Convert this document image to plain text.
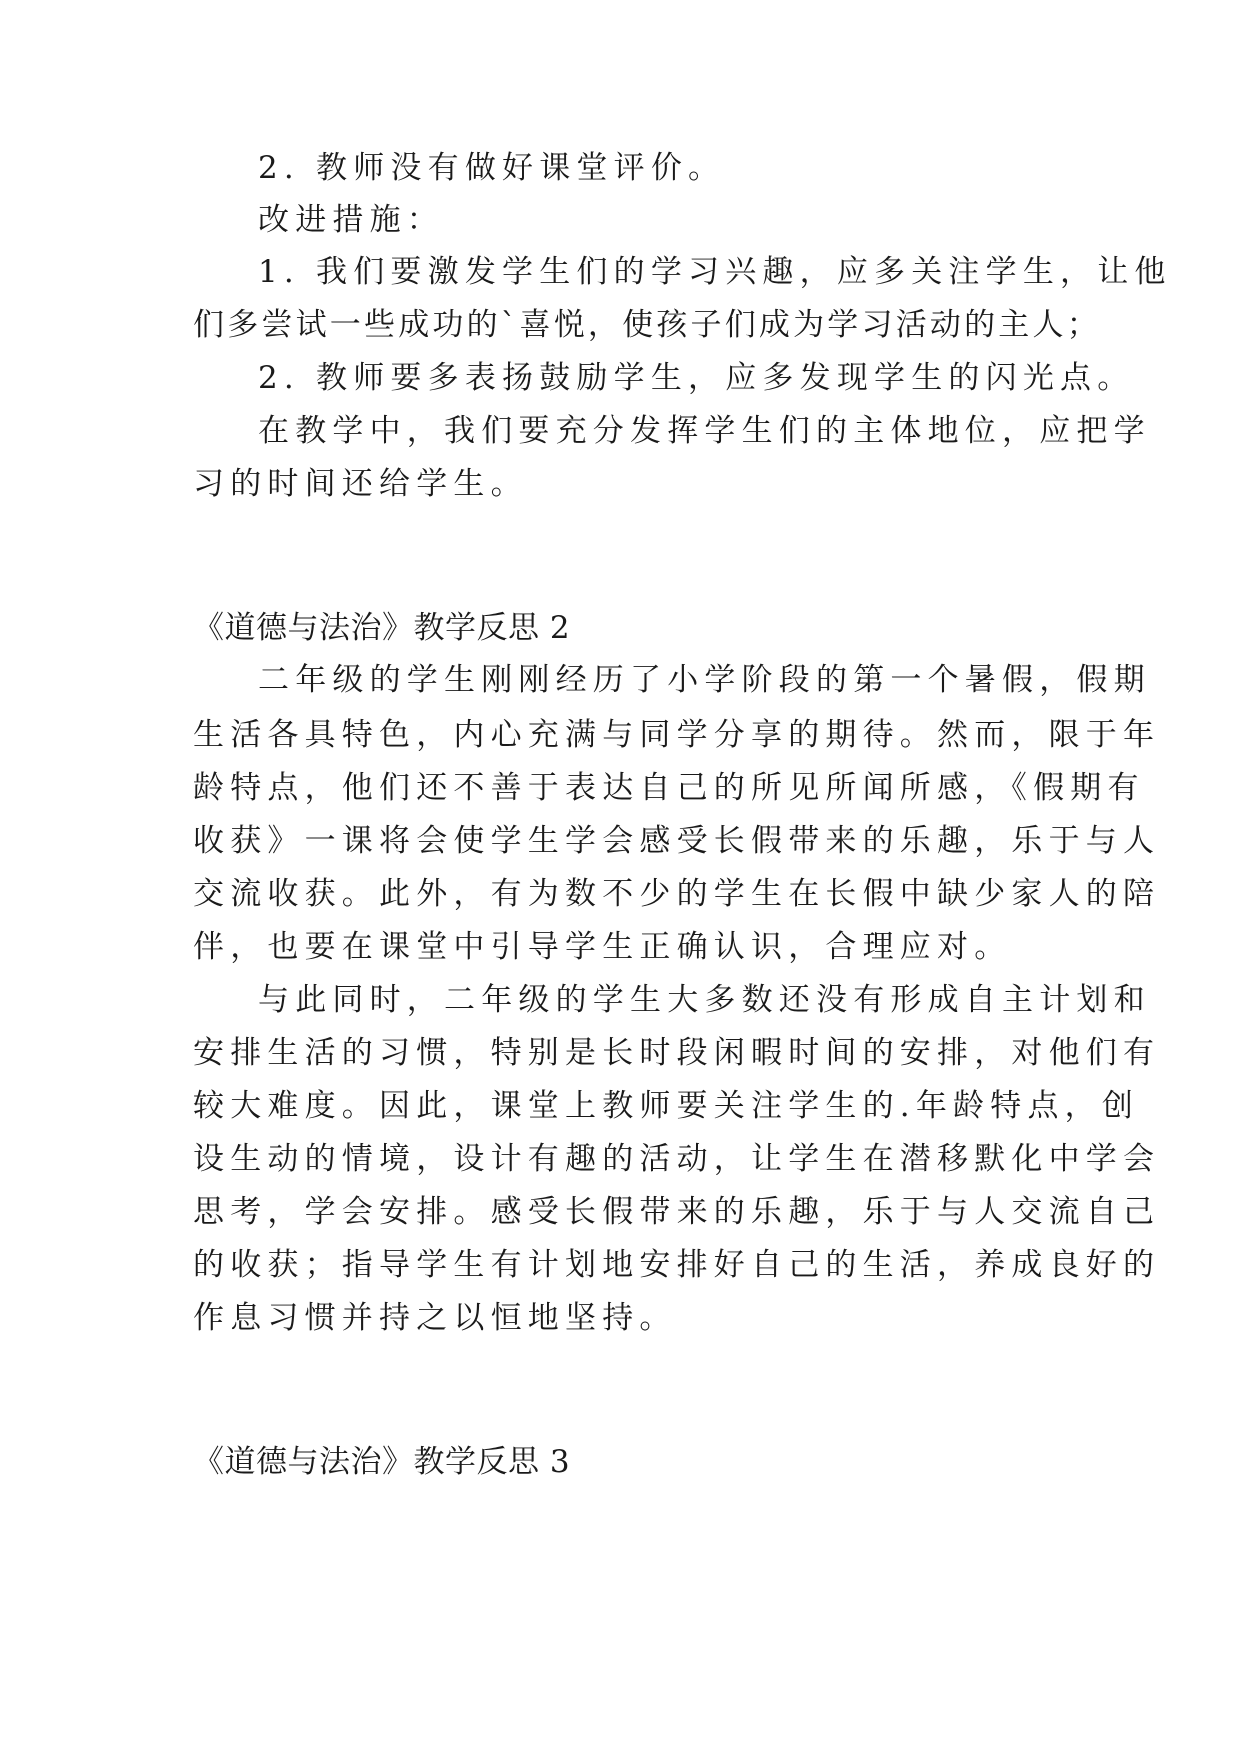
2. 教师没有做好课堂评价。
改进措施：
1. 我们要激发学生们的学习兴趣，应多关注学生，让他
们多尝试一些成功的`喜悦，使孩子们成为学习活动的主人；
2. 教师要多表扬鼓励学生，应多发现学生的闪光点。
在教学中，我们要充分发挥学生们的主体地位，应把学
习的时间还给学生。
《道德与法治》教学反思 2
二年级的学生刚刚经历了小学阶段的第一个暑假，假期
生活各具特色，内心充满与同学分享的期待。然而，限于年
龄特点，他们还不善于表达自己的所见所闻所感，《假期有
收获》一课将会使学生学会感受长假带来的乐趣，乐于与人
交流收获。此外，有为数不少的学生在长假中缺少家人的陪
伴，也要在课堂中引导学生正确认识，合理应对。
与此同时，二年级的学生大多数还没有形成自主计划和
安排生活的习惯，特别是长时段闲暇时间的安排，对他们有
较大难度。因此，课堂上教师要关注学生的.年龄特点，创
设生动的情境，设计有趣的活动，让学生在潜移默化中学会
思考，学会安排。感受长假带来的乐趣，乐于与人交流自己
的收获；指导学生有计划地安排好自己的生活，养成良好的
作息习惯并持之以恒地坚持。
《道德与法治》教学反思 3
